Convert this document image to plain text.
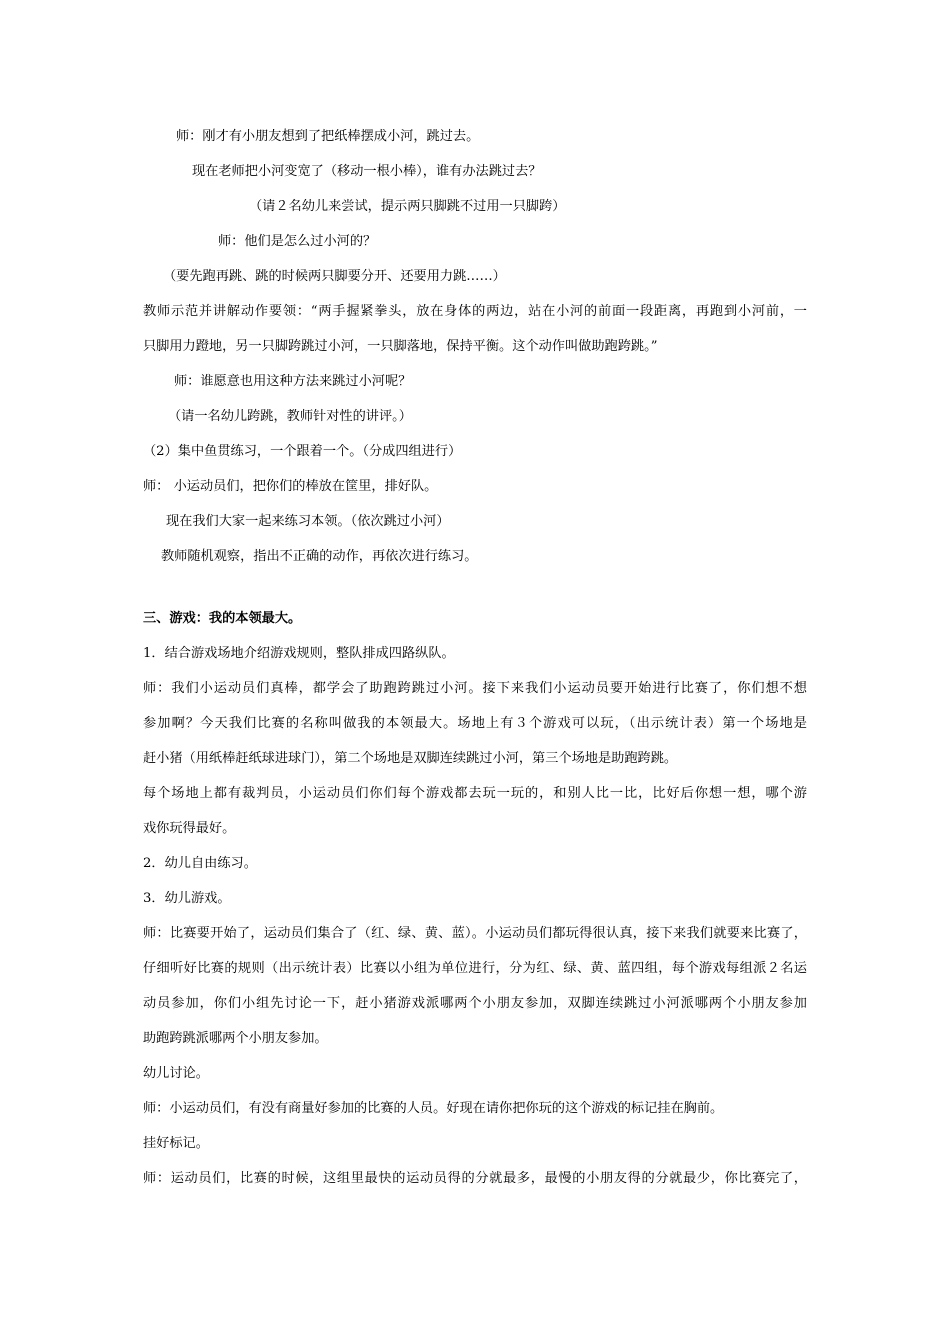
师：刚才有小朋友想到了把纸棒摆成小河，跳过去。
现在老师把小河变宽了（移动一根小棒），谁有办法跳过去？
（请２名幼儿来尝试，提示两只脚跳不过用一只脚跨）
师：他们是怎么过小河的？
（要先跑再跳、跳的时候两只脚要分开、还要用力跳……）
教师示范并讲解动作要领：“两手握紧拳头，放在身体的两边，站在小河的前面一段距离，再跑到小河前，一
只脚用力蹬地，另一只脚跨跳过小河，一只脚落地，保持平衡。这个动作叫做助跑跨跳。”
师：谁愿意也用这种方法来跳过小河呢？
（请一名幼儿跨跳，教师针对性的讲评。）
（2）集中鱼贯练习，一个跟着一个。（分成四组进行）
师： 小运动员们，把你们的棒放在筐里，排好队。
现在我们大家一起来练习本领。（依次跳过小河）
教师随机观察，指出不正确的动作，再依次进行练习。
三、游戏：我的本领最大。
1．结合游戏场地介绍游戏规则，整队排成四路纵队。
师：我们小运动员们真棒，都学会了助跑跨跳过小河。接下来我们小运动员要开始进行比赛了，你们想不想
参加啊？今天我们比赛的名称叫做我的本领最大。场地上有３个游戏可以玩，（出示统计表）第一个场地是
赶小猪（用纸棒赶纸球进球门），第二个场地是双脚连续跳过小河，第三个场地是助跑跨跳。
每个场地上都有裁判员，小运动员们你们每个游戏都去玩一玩的，和别人比一比，比好后你想一想，哪个游
戏你玩得最好。
2．幼儿自由练习。
3．幼儿游戏。
师：比赛要开始了，运动员们集合了（红、绿、黄、蓝）。小运动员们都玩得很认真，接下来我们就要来比赛了，
仔细听好比赛的规则（出示统计表）比赛以小组为单位进行，分为红、绿、黄、蓝四组，每个游戏每组派２名运
动员参加，你们小组先讨论一下，赶小猪游戏派哪两个小朋友参加，双脚连续跳过小河派哪两个小朋友参加
助跑跨跳派哪两个小朋友参加。
幼儿讨论。
师：小运动员们，有没有商量好参加的比赛的人员。好现在请你把你玩的这个游戏的标记挂在胸前。
挂好标记。
师：运动员们，比赛的时候，这组里最快的运动员得的分就最多，最慢的小朋友得的分就最少，你比赛完了，
